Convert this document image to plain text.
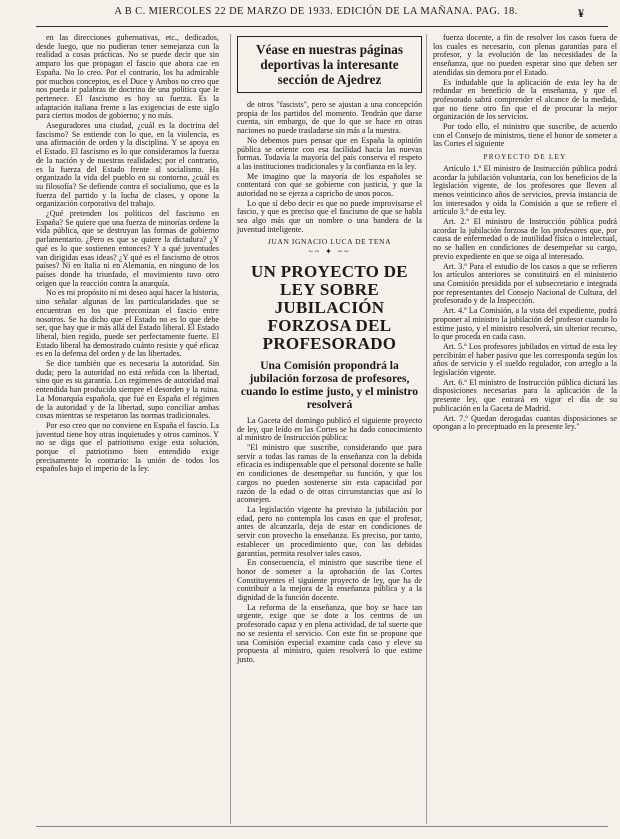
A B C. MIERCOLES 22 DE MARZO DE 1933. EDICIÓN DE LA MAÑANA. PAG. 18.	¥

en las direcciones gubernativas, etc., dedicados, desde luego, que no pudieran tener semejanza con la realidad a cosas prácticas. No se puede decir que sin amparo los que propagan el fascio que ahora cae en España. No lo creo. Por el contrario, los ha admirable por muchos conceptos, es el Duce y Ambos no creo que nos pueda ir palabras de doctrina de una política que le pertenece. El fascismo es hoy su fuerza. Es la adaptación italiana frente a las exigencias de este siglo para ciertos modos de gobierno; y no más.

Aseguradores una ciudad, ¿cuál es la doctrina del fascismo? Se entiende con lo que, en la violencia, es una afirmación de orden y la disciplina. Y se apoya en el Estado. El fascismo es lo que consideramos la fuerza de la nación y de nuestras realidades; por el contrario, es la fuerza del Estado frente al socialismo. Ha organizado la vida del pueblo en su contorno, ¿cuál es su filosofía? Se defiende contra el socialismo, que es la fuerza del partido y la lucha de clases, y opone la organización corporativa del trabajo.

¿Qué pretenden los políticos del fascismo en España? Se quiere que una fuerza de minorías ordene la vida pública, que se destruyan las formas de gobierno parlamentario. ¿Pero es que se quiere la dictadura? ¿Y qué es lo que sostienen entonces? Y a qué juventudes van dirigidas esas ideas? ¿Y qué es el fascismo de otros países? Ni en Italia ni en Alemania, en ninguno de los países donde ha triunfado, el movimiento tuvo otro origen que la reacción contra la anarquía.

No es mi propósito ni mi deseo aquí hacer la historia, sino señalar algunas de las particularidades que se encuentran en los que preconizan el fascio entre nosotros. Se ha dicho que el Estado no es lo que debe ser, que hay que ir más allá del Estado liberal. El Estado liberal, bien regido, puede ser perfectamente fuerte. El Estado liberal ha demostrado cuánto resiste y qué eficaz es en la defensa del orden y de las libertades.

Se dice también que es necesaria la autoridad. Sin duda; pero la autoridad no está reñida con la libertad, sino que es su garantía. Los regímenes de autoridad mal entendida han producido siempre el desorden y la ruina. La Monarquía española, que fué en España el régimen de la autoridad y de la libertad, supo conciliar ambas cosas mientras se respetaron las normas tradicionales.

Por eso creo que no conviene en España el fascio. La juventud tiene hoy otras inquietudes y otros caminos. Y no se diga que el patriotismo exige esta solución, porque el patriotismo bien entendido exige precisamente lo contrario: la unión de todos los españoles bajo el imperio de la ley.

Véase en nuestras páginas deportivas la interesante sección de Ajedrez

de otros "fascists", pero se ajustan a una concepción propia de los partidos del momento. Tendrán que darse cuenta, sin embargo, de que lo que se hace en otras naciones no puede trasladarse sin más a la nuestra.

No debemos pues pensar que en España la opinión pública se oriente con esa facilidad hacia las nuevas formas. Todavía la mayoría del país conserva el respeto a las instituciones tradicionales y la confianza en la ley.

Me imagino que la mayoría de los españoles se contentará con que se gobierne con justicia, y que la autoridad no se ejerza a capricho de unos pocos.

Lo que sí debo decir es que no puede improvisarse el fascio, y que es preciso que el fascismo de que se habla sea algo más que un nombre o una bandera de la juventud inteligente.

JUAN IGNACIO LUCA DE TENA
~~ ✦ ~~
UN PROYECTO DE LEY SOBRE JUBILACIÓN FORZOSA DEL PROFESORADO
Una Comisión propondrá la jubilación forzosa de profesores, cuando lo estime justo, y el ministro resolverá

La Gaceta del domingo publicó el siguiente proyecto de ley, que leído en las Cortes se ha dado conocimiento al ministro de Instrucción pública:

"El ministro que suscribe, considerando que para servir a todas las ramas de la enseñanza con la debida eficacia es indispensable que el personal docente se halle en condiciones de desempeñar su función, y que los cargos no pueden sostenerse sin esta capacidad por razón de la edad o de otras circunstancias que así lo aconsejen.

La legislación vigente ha previsto la jubilación por edad, pero no contempla los casos en que el profesor, antes de alcanzarla, deja de estar en condiciones de servir con provecho la enseñanza. Es preciso, por tanto, establecer un procedimiento que, con las debidas garantías, permita resolver tales casos.

En consecuencia, el ministro que suscribe tiene el honor de someter a la aprobación de las Cortes Constituyentes el siguiente proyecto de ley, que ha de contribuir a la mejora de la enseñanza pública y a la dignidad de la función docente.

La reforma de la enseñanza, que hoy se hace tan urgente, exige que se dote a los centros de un profesorado capaz y en plena actividad, de tal suerte que no se resienta el servicio. Con este fin se propone que una Comisión especial examine cada caso y eleve su propuesta al ministro, quien resolverá lo que estime justo.

fuerza docente, a fin de resolver los casos fuera de los cuales es necesario, con plenas garantías para el profesor, y la evolución de las necesidades de la enseñanza, que no pueden esperar sino que deben ser atendidas sin demora por el Estado.

Es indudable que la aplicación de esta ley ha de redundar en beneficio de la enseñanza, y que el profesorado sabrá comprender el alcance de la medida, que no tiene otro fin que el de procurar la mejor organización de los servicios.

Por todo ello, el ministro que suscribe, de acuerdo con el Consejo de ministros, tiene el honor de someter a las Cortes el siguiente

PROYECTO DE LEY

Artículo 1.º El ministro de Instrucción pública podrá acordar la jubilación voluntaria, con los beneficios de la legislación vigente, de los profesores que lleven al menos veinticinco años de servicios, previa instancia de los interesados y oída la Comisión a que se refiere el artículo 3.º de esta ley.

Art. 2.º El ministro de Instrucción pública podrá acordar la jubilación forzosa de los profesores que, por causa de enfermedad o de inutilidad física o intelectual, no se hallen en condiciones de desempeñar su cargo, previo expediente en que se oiga al interesado.

Art. 3.º Para el estudio de los casos a que se refieren los artículos anteriores se constituirá en el ministerio una Comisión presidida por el subsecretario e integrada por representantes del Consejo Nacional de Cultura, del profesorado y de la Inspección.

Art. 4.º La Comisión, a la vista del expediente, podrá proponer al ministro la jubilación del profesor cuando lo estime justo, y el ministro resolverá, sin ulterior recurso, lo que proceda en cada caso.

Art. 5.º Los profesores jubilados en virtud de esta ley percibirán el haber pasivo que les corresponda según los años de servicio y el sueldo regulador, con arreglo a la legislación vigente.

Art. 6.º El ministro de Instrucción pública dictará las disposiciones necesarias para la aplicación de la presente ley, que entrará en vigor el día de su publicación en la Gaceta de Madrid.

Art. 7.º Quedan derogadas cuantas disposiciones se opongan a lo preceptuado en la presente ley."
